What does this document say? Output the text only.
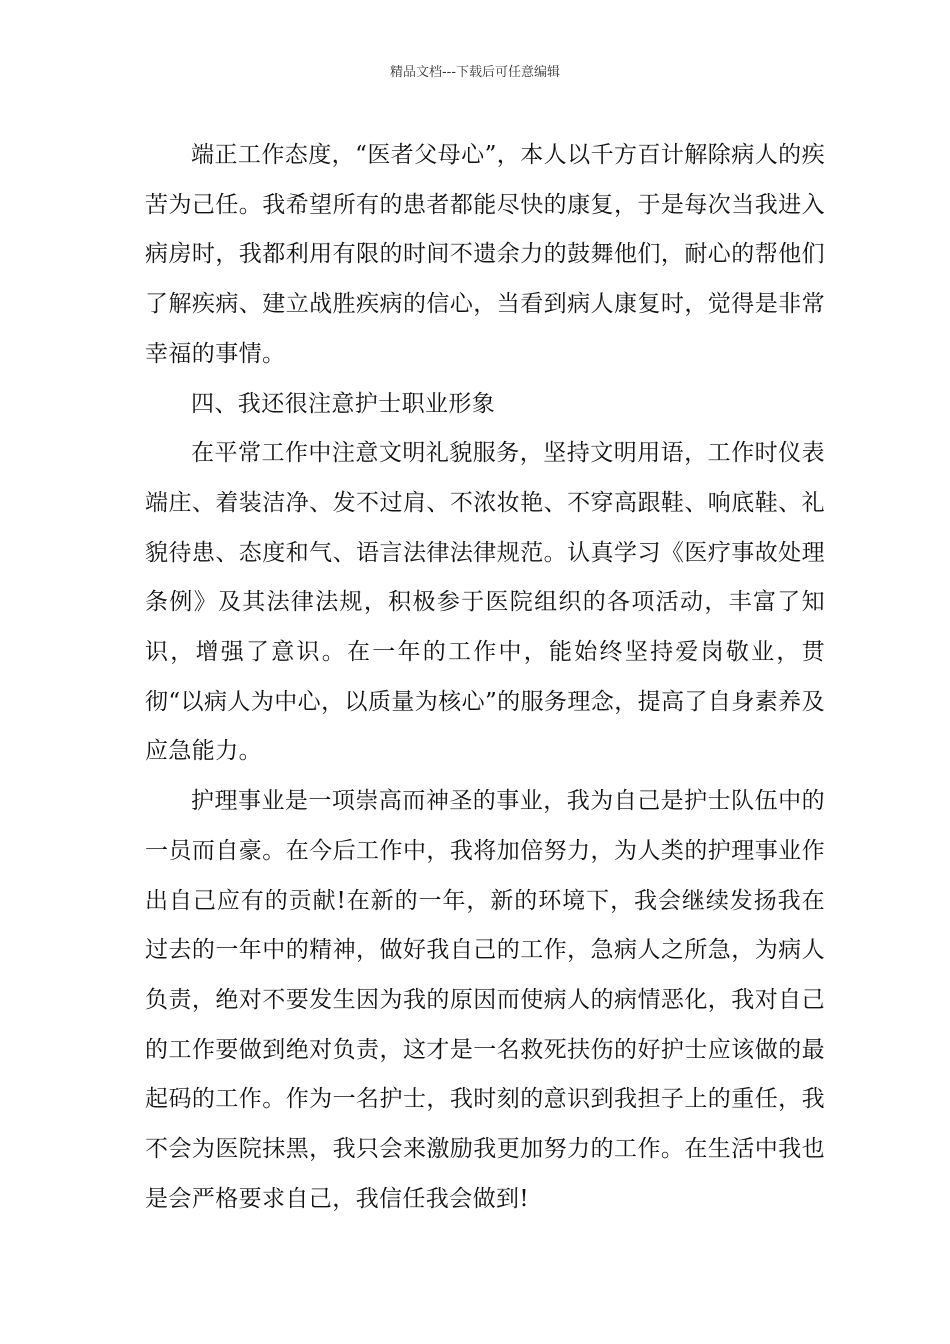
精品文档---下载后可任意编辑

端正工作态度，“医者父母心”，本人以千方百计解除病人的疾苦为己任。我希望所有的患者都能尽快的康复，于是每次当我进入病房时，我都利用有限的时间不遗余力的鼓舞他们，耐心的帮他们了解疾病、建立战胜疾病的信心，当看到病人康复时，觉得是非常幸福的事情。

四、我还很注意护士职业形象

在平常工作中注意文明礼貌服务，坚持文明用语，工作时仪表端庄、着装洁净、发不过肩、不浓妆艳、不穿高跟鞋、响底鞋、礼貌待患、态度和气、语言法律法律规范。认真学习《医疗事故处理条例》及其法律法规，积极参于医院组织的各项活动，丰富了知识，增强了意识。在一年的工作中，能始终坚持爱岗敬业，贯彻“以病人为中心，以质量为核心”的服务理念，提高了自身素养及应急能力。

护理事业是一项崇高而神圣的事业，我为自己是护士队伍中的一员而自豪。在今后工作中，我将加倍努力，为人类的护理事业作出自己应有的贡献!在新的一年，新的环境下，我会继续发扬我在过去的一年中的精神，做好我自己的工作，急病人之所急，为病人负责，绝对不要发生因为我的原因而使病人的病情恶化，我对自己的工作要做到绝对负责，这才是一名救死扶伤的好护士应该做的最起码的工作。作为一名护士，我时刻的意识到我担子上的重任，我不会为医院抹黑，我只会来激励我更加努力的工作。在生活中我也是会严格要求自己，我信任我会做到!
